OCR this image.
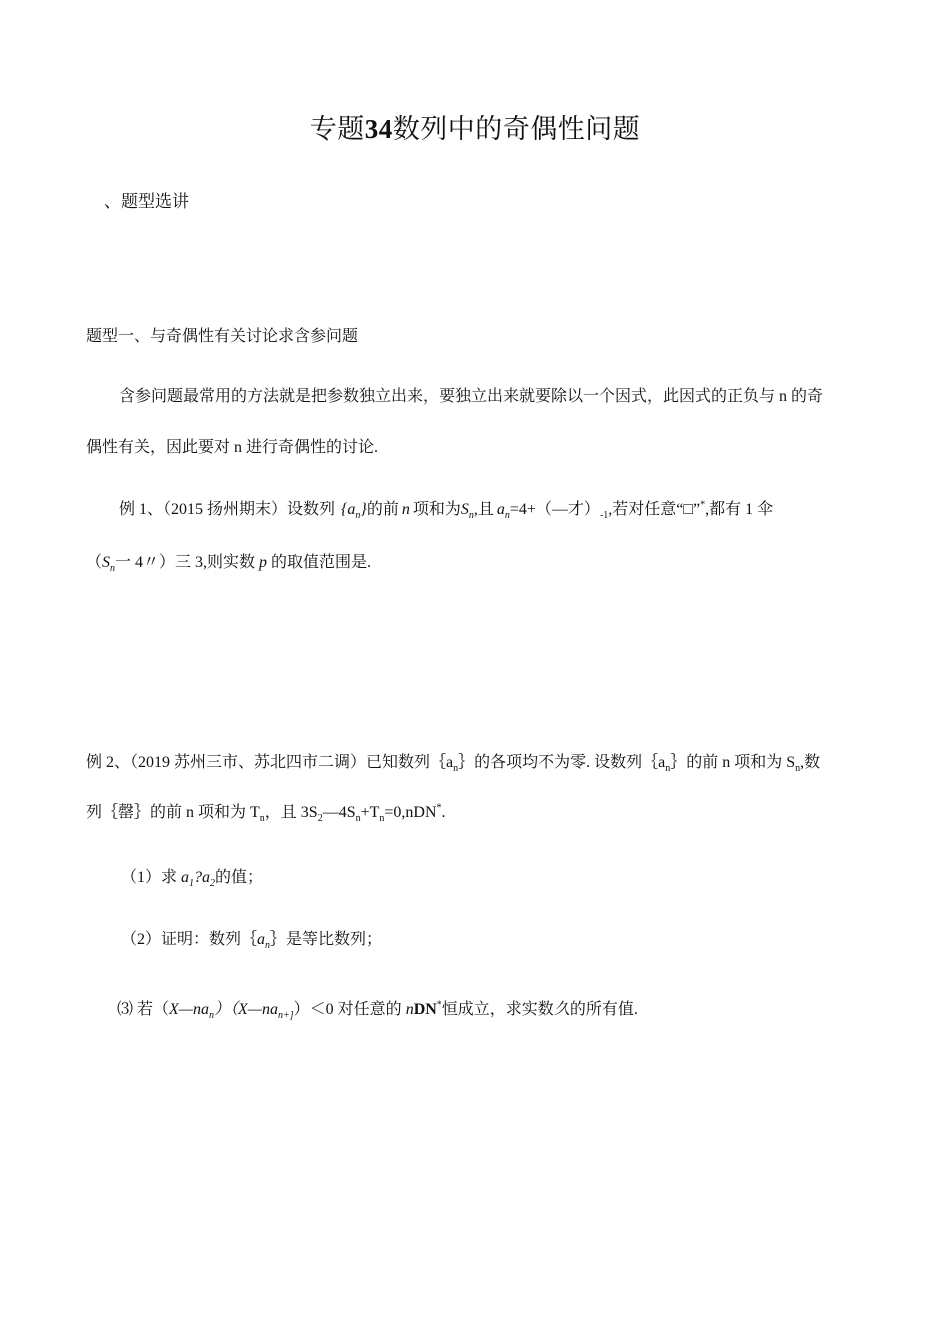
专题34数列中的奇偶性问题
、题型选讲
题型一、与奇偶性有关讨论求含参问题
含参问题最常用的方法就是把参数独立出来，要独立出来就要除以一个因式，此因式的正负与 n 的奇
偶性有关，因此要对 n 进行奇偶性的讨论.
例 1、（2015 扬州期末）设数列 $\{a_n\}$的前 n 项和为$S_n$,且 $a_n=4+(—$才）$_{-1}$,若对任意“□”*,都有 1 伞
（$S_n$一 4〃）三 3,则实数 p 的取值范围是.
例 2、（2019 苏州三市、苏北四市二调）已知数列$\{a_n\}$的各项均不为零. 设数列$\{a_n\}$的前 n 项和为 $S_n$,数
列｛罄｝的前 n 项和为 $T_n$，且 $3S_2—4S_n+T_n=0,nDN^*$.
（1）求 $a_1?a_2$的值；
（2）证明：数列$\{a_n\}$是等比数列；
⑶ 若$(X—na_n)(X—na_{n+]})<0$ 对任意的 nDN*恒成立，求实数久的所有值.
